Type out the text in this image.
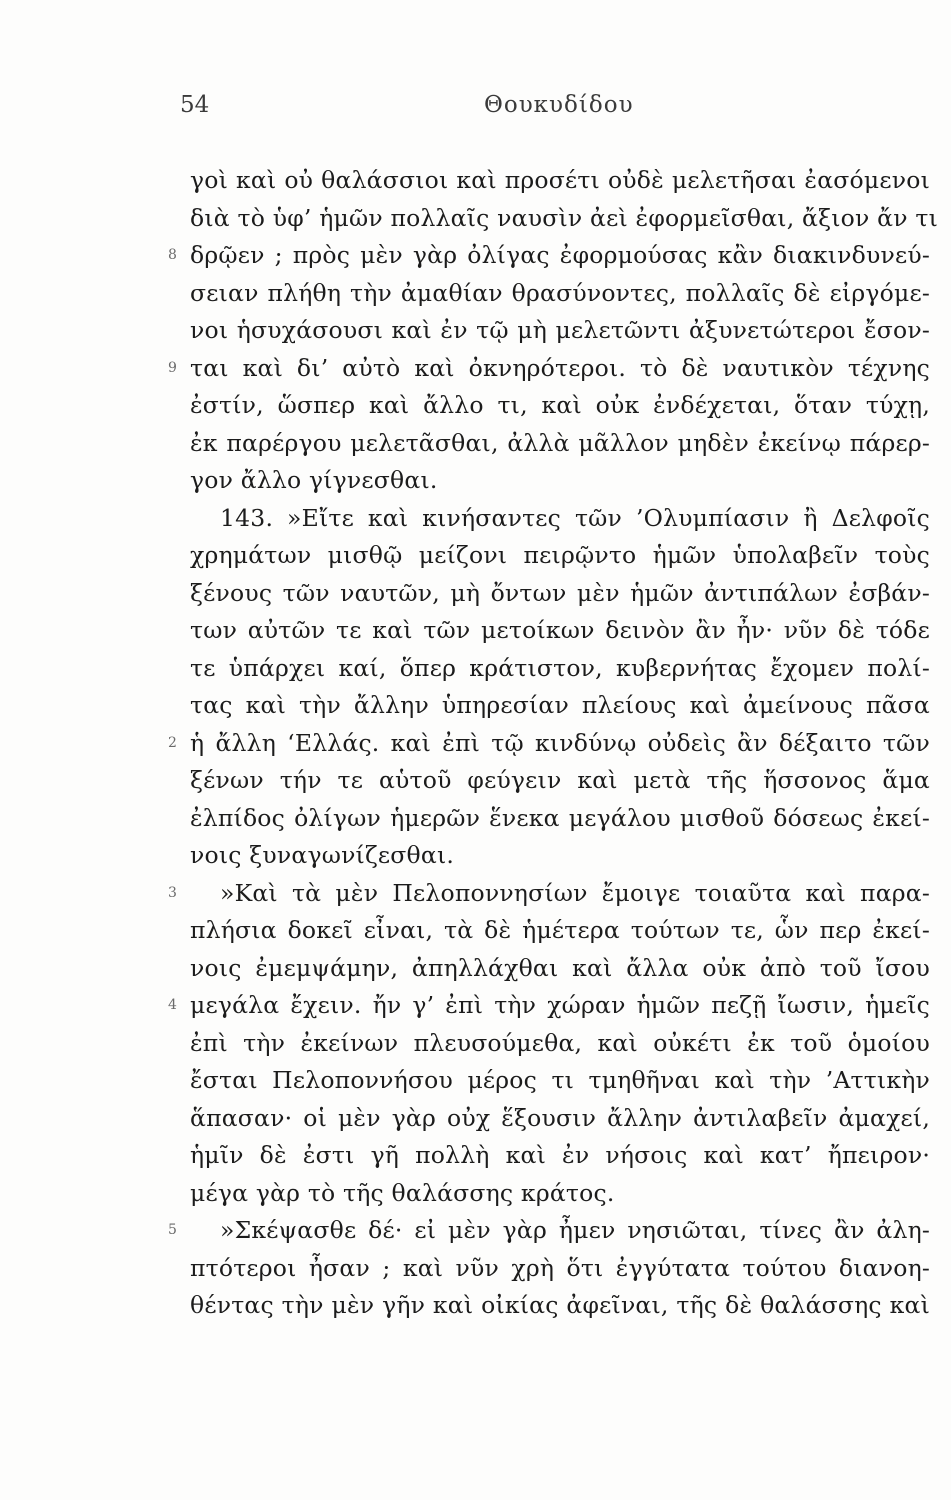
54	Θουκυδίδου
γοὶ καὶ οὐ θαλάσσιοι καὶ προσέτι οὐδὲ μελετῆσαι ἐασόμενοι
διὰ τὸ ὑφ’ ἡμῶν πολλαῖς ναυσὶν ἀεὶ ἐφορμεῖσθαι, ἄξιον ἄν τι
8 δρῷεν ; πρὸς μὲν γὰρ ὀλίγας ἐφορμούσας κἂν διακινδυνεύ-
σειαν πλήθη τὴν ἀμαθίαν θρασύνοντες, πολλαῖς δὲ εἰργόμε-
νοι ἡσυχάσουσι καὶ ἐν τῷ μὴ μελετῶντι ἀξυνετώτεροι ἔσον-
9 ται καὶ δι’ αὐτὸ καὶ ὀκνηρότεροι. τὸ δὲ ναυτικὸν τέχνης
ἐστίν, ὥσπερ καὶ ἄλλο τι, καὶ οὐκ ἐνδέχεται, ὅταν τύχῃ,
ἐκ παρέργου μελετᾶσθαι, ἀλλὰ μᾶλλον μηδὲν ἐκείνῳ πάρερ-
γον ἄλλο γίγνεσθαι.
143. »Εἴτε καὶ κινήσαντες τῶν ’Ολυμπίασιν ἢ Δελφοῖς
χρημάτων μισθῷ μείζονι πειρῷντο ἡμῶν ὑπολαβεῖν τοὺς
ξένους τῶν ναυτῶν, μὴ ὄντων μὲν ἡμῶν ἀντιπάλων ἐσβάν-
των αὐτῶν τε καὶ τῶν μετοίκων δεινὸν ἂν ἦν· νῦν δὲ τόδε
τε ὑπάρχει καί, ὅπερ κράτιστον, κυβερνήτας ἔχομεν πολί-
τας καὶ τὴν ἄλλην ὑπηρεσίαν πλείους καὶ ἀμείνους πᾶσα
2 ἡ ἄλλη ‘Ελλάς. καὶ ἐπὶ τῷ κινδύνῳ οὐδεὶς ἂν δέξαιτο τῶν
ξένων τήν τε αὑτοῦ φεύγειν καὶ μετὰ τῆς ἥσσονος ἅμα
ἐλπίδος ὀλίγων ἡμερῶν ἕνεκα μεγάλου μισθοῦ δόσεως ἐκεί-
νοις ξυναγωνίζεσθαι.
3 »Καὶ τὰ μὲν Πελοποννησίων ἔμοιγε τοιαῦτα καὶ παρα-
πλήσια δοκεῖ εἶναι, τὰ δὲ ἡμέτερα τούτων τε, ὧν περ ἐκεί-
νοις ἐμεμψάμην, ἀπηλλάχθαι καὶ ἄλλα οὐκ ἀπὸ τοῦ ἴσου
4 μεγάλα ἔχειν. ἤν γ’ ἐπὶ τὴν χώραν ἡμῶν πεζῇ ἴωσιν, ἡμεῖς
ἐπὶ τὴν ἐκείνων πλευσούμεθα, καὶ οὐκέτι ἐκ τοῦ ὁμοίου
ἔσται Πελοποννήσου μέρος τι τμηθῆναι καὶ τὴν ’Αττικὴν
ἅπασαν· οἱ μὲν γὰρ οὐχ ἕξουσιν ἄλλην ἀντιλαβεῖν ἀμαχεί,
ἡμῖν δὲ ἐστι γῆ πολλὴ καὶ ἐν νήσοις καὶ κατ’ ἤπειρον·
μέγα γὰρ τὸ τῆς θαλάσσης κράτος.
5 »Σκέψασθε δέ· εἰ μὲν γὰρ ἦμεν νησιῶται, τίνες ἂν ἀλη-
πτότεροι ἦσαν ; καὶ νῦν χρὴ ὅτι ἐγγύτατα τούτου διανοη-
θέντας τὴν μὲν γῆν καὶ οἰκίας ἀφεῖναι, τῆς δὲ θαλάσσης καὶ
